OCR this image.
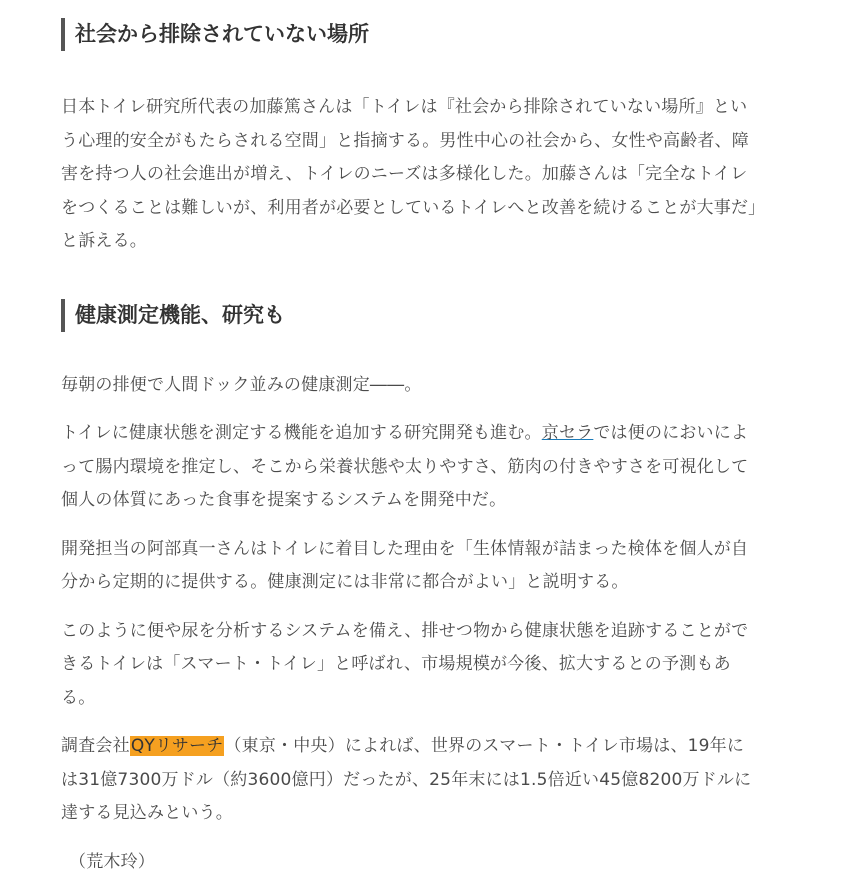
社会から排除されていない場所

日本トイレ研究所代表の加藤篤さんは「トイレは『社会から排除されていない場所』という心理的安全がもたらされる空間」と指摘する。男性中心の社会から、女性や高齢者、障害を持つ人の社会進出が増え、トイレのニーズは多様化した。加藤さんは「完全なトイレをつくることは難しいが、利用者が必要としているトイレへと改善を続けることが大事だ」と訴える。

健康測定機能、研究も

毎朝の排便で人間ドック並みの健康測定――。

トイレに健康状態を測定する機能を追加する研究開発も進む。京セラでは便のにおいによって腸内環境を推定し、そこから栄養状態や太りやすさ、筋肉の付きやすさを可視化して個人の体質にあった食事を提案するシステムを開発中だ。

開発担当の阿部真一さんはトイレに着目した理由を「生体情報が詰まった検体を個人が自分から定期的に提供する。健康測定には非常に都合がよい」と説明する。

このように便や尿を分析するシステムを備え、排せつ物から健康状態を追跡することができるトイレは「スマート・トイレ」と呼ばれ、市場規模が今後、拡大するとの予測もある。

調査会社QYリサーチ（東京・中央）によれば、世界のスマート・トイレ市場は、19年には31億7300万ドル（約3600億円）だったが、25年末には1.5倍近い45億8200万ドルに達する見込みという。

（荒木玲）
